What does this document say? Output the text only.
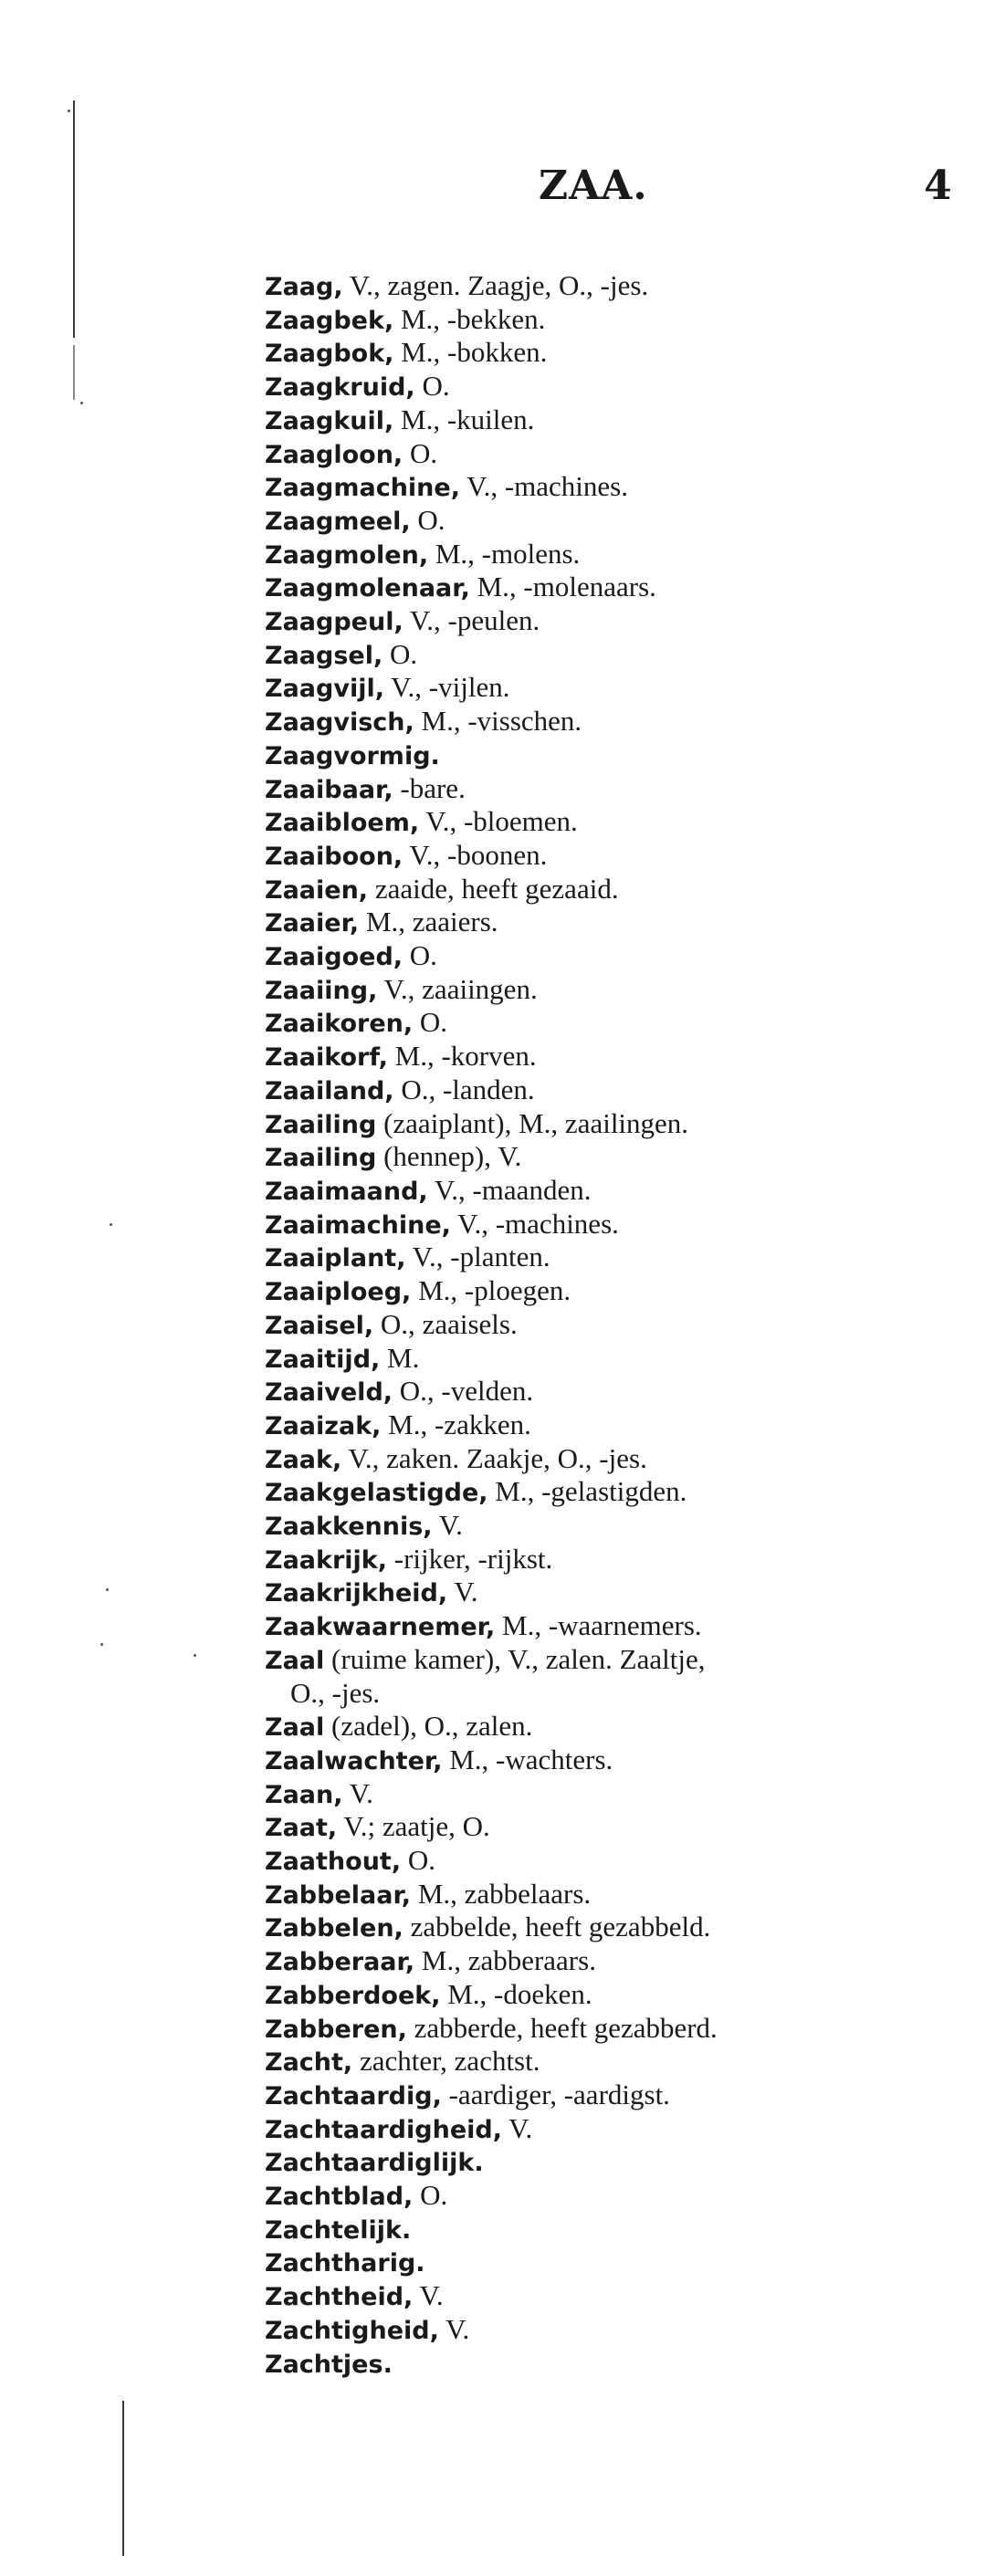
ZAA.	4
Zaag, V., zagen. Zaagje, O., -jes.
Zaagbek, M., -bekken.
Zaagbok, M., -bokken.
Zaagkruid, O.
Zaagkuil, M., -kuilen.
Zaagloon, O.
Zaagmachine, V., -machines.
Zaagmeel, O.
Zaagmolen, M., -molens.
Zaagmolenaar, M., -molenaars.
Zaagpeul, V., -peulen.
Zaagsel, O.
Zaagvijl, V., -vijlen.
Zaagvisch, M., -visschen.
Zaagvormig.
Zaaibaar, -bare.
Zaaibloem, V., -bloemen.
Zaaiboon, V., -boonen.
Zaaien, zaaide, heeft gezaaid.
Zaaier, M., zaaiers.
Zaaigoed, O.
Zaaiing, V., zaaiingen.
Zaaikoren, O.
Zaaikorf, M., -korven.
Zaailand, O., -landen.
Zaailing (zaaiplant), M., zaailingen.
Zaailing (hennep), V.
Zaaimaand, V., -maanden.
Zaaimachine, V., -machines.
Zaaiplant, V., -planten.
Zaaiploeg, M., -ploegen.
Zaaisel, O., zaaisels.
Zaaitijd, M.
Zaaiveld, O., -velden.
Zaaizak, M., -zakken.
Zaak, V., zaken. Zaakje, O., -jes.
Zaakgelastigde, M., -gelastigden.
Zaakkennis, V.
Zaakrijk, -rijker, -rijkst.
Zaakrijkheid, V.
Zaakwaarnemer, M., -waarnemers.
Zaal (ruime kamer), V., zalen. Zaaltje,
O., -jes.
Zaal (zadel), O., zalen.
Zaalwachter, M., -wachters.
Zaan, V.
Zaat, V.; zaatje, O.
Zaathout, O.
Zabbelaar, M., zabbelaars.
Zabbelen, zabbelde, heeft gezabbeld.
Zabberaar, M., zabberaars.
Zabberdoek, M., -doeken.
Zabberen, zabberde, heeft gezabberd.
Zacht, zachter, zachtst.
Zachtaardig, -aardiger, -aardigst.
Zachtaardigheid, V.
Zachtaardiglijk.
Zachtblad, O.
Zachtelijk.
Zachtharig.
Zachtheid, V.
Zachtigheid, V.
Zachtjes.
